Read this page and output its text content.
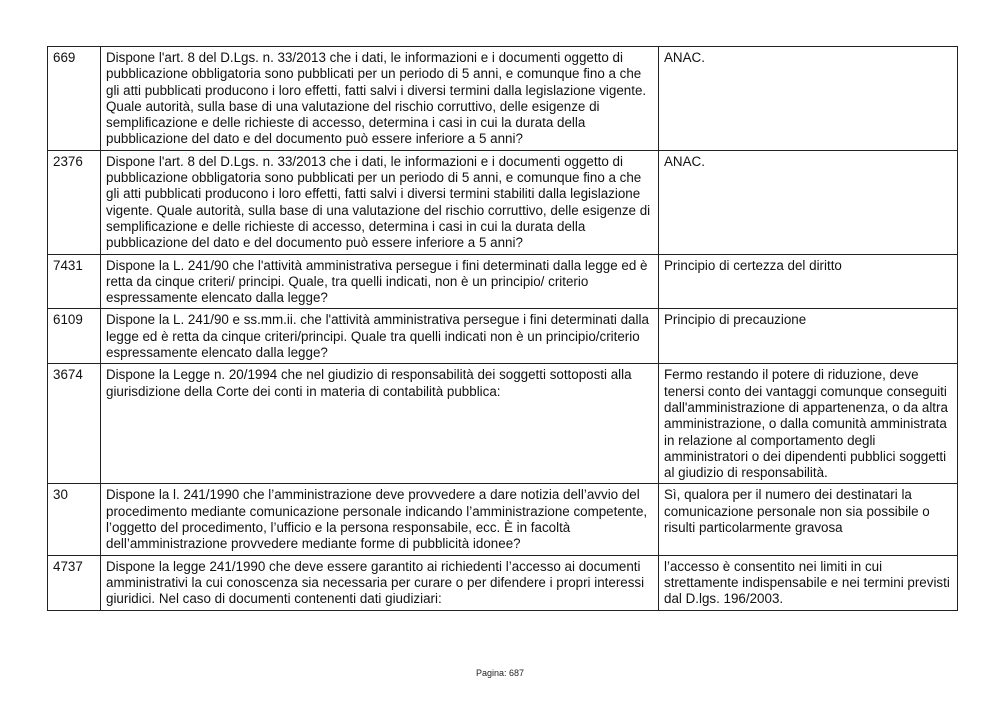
669	Dispone l'art. 8 del D.Lgs. n. 33/2013 che i dati, le informazioni e i documenti oggetto di pubblicazione obbligatoria sono pubblicati per un periodo di 5 anni, e comunque fino a che gli atti pubblicati producono i loro effetti, fatti salvi i diversi termini dalla legislazione vigente. Quale autorità, sulla base di una valutazione del rischio corruttivo, delle esigenze di semplificazione e delle richieste di accesso, determina i casi in cui la durata della pubblicazione del dato e del documento può essere inferiore a 5 anni?	ANAC.
2376	Dispone l'art. 8 del D.Lgs. n. 33/2013 che i dati, le informazioni e i documenti oggetto di pubblicazione obbligatoria sono pubblicati per un periodo di 5 anni, e comunque fino a che gli atti pubblicati producono i loro effetti, fatti salvi i diversi termini stabiliti dalla legislazione vigente. Quale autorità, sulla base di una valutazione del rischio corruttivo, delle esigenze di semplificazione e delle richieste di accesso, determina i casi in cui la durata della pubblicazione del dato e del documento può essere inferiore a 5 anni?	ANAC.
7431	Dispone la L. 241/90 che l'attività amministrativa persegue i fini determinati dalla legge ed è retta da cinque criteri/ principi. Quale, tra quelli indicati, non è un principio/ criterio espressamente elencato dalla legge?	Principio di certezza del diritto
6109	Dispone la L. 241/90 e ss.mm.ii. che l'attività amministrativa persegue i fini determinati dalla legge ed è retta da cinque criteri/principi. Quale tra quelli indicati non è un principio/criterio espressamente elencato dalla legge?	Principio di precauzione
3674	Dispone la Legge n. 20/1994 che nel giudizio di responsabilità dei soggetti sottoposti alla giurisdizione della Corte dei conti in materia di contabilità pubblica:	Fermo restando il potere di riduzione, deve tenersi conto dei vantaggi comunque conseguiti dall'amministrazione di appartenenza, o da altra amministrazione, o dalla comunità amministrata in relazione al comportamento degli amministratori o dei dipendenti pubblici soggetti al giudizio di responsabilità.
30	Dispone la l. 241/1990 che l’amministrazione deve provvedere a dare notizia dell’avvio del procedimento mediante comunicazione personale indicando l’amministrazione competente, l’oggetto del procedimento, l’ufficio e la persona responsabile, ecc. È in facoltà dell’amministrazione provvedere mediante forme di pubblicità idonee?	Sì, qualora per il numero dei destinatari la comunicazione personale non sia possibile o risulti particolarmente gravosa
4737	Dispone la legge 241/1990 che deve essere garantito ai richiedenti l’accesso ai documenti amministrativi la cui conoscenza sia necessaria per curare o per difendere i propri interessi giuridici. Nel caso di documenti contenenti dati giudiziari:	l’accesso è consentito nei limiti in cui strettamente indispensabile e nei termini previsti dal D.lgs. 196/2003.
Pagina: 687
